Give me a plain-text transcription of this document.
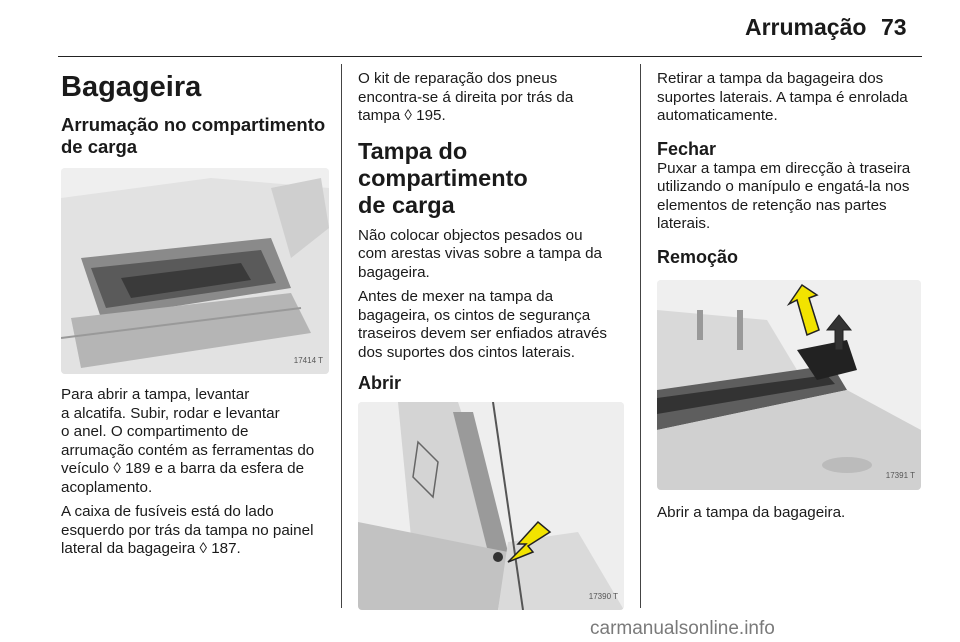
Arrumação 73
Bagageira
Arrumação no compartimento
de carga
17414 T

Para abrir a tampa, levantar
a alcatifa. Subir, rodar e levantar
o anel. O compartimento de
arrumação contém as ferramentas do
veículo ◊ 189 e a barra da esfera de
acoplamento.

A caixa de fusíveis está do lado
esquerdo por trás da tampa no painel
lateral da bagageira ◊ 187.

O kit de reparação dos pneus
encontra-se á direita por trás da
tampa ◊ 195.

Tampa do compartimento
de carga

Não colocar objectos pesados ou
com arestas vivas sobre a tampa da
bagageira.

Antes de mexer na tampa da
bagageira, os cintos de segurança
traseiros devem ser enfiados através
dos suportes dos cintos laterais.

Abrir
17390 T

Retirar a tampa da bagageira dos
suportes laterais. A tampa é enrolada
automaticamente.

Fechar

Puxar a tampa em direcção à traseira
utilizando o manípulo e engatá-la nos
elementos de retenção nas partes
laterais.

Remoção
17391 T

Abrir a tampa da bagageira.

carmanualsonline.info
